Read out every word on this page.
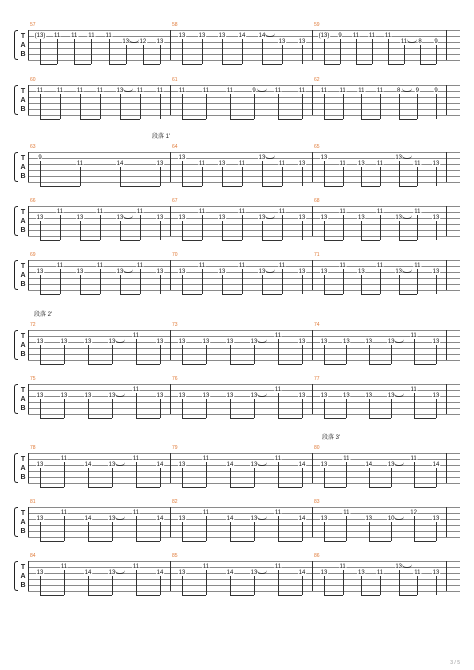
T
A
B
57
(13) 11 11 11 11
13 12 13
58
13 13 13 14 14
13 13
59
(13) 9 11 11 11
11 8 9
T
A
B
60
11 11 11 11 13 11 11
61
11	11	11	9	11	11
62
11 11 11 11 8	9	9
T
A
B
63
9
11	14	13
64
13
11 13 11
13
11 13
65
13
11 13 11
13
11 13
段落 1'
T
A
B
66
13
11
13
11
13
11
13
67
13
11
13
11
13
11
13
68
13
11
13
11
13
11
13
T
A
B
69
13
11
13
11
13
11
13
70
13
11
13
11
13
11
13
71
13
11
13
11
13
11
13
T
A
B
72
13	13	13	13
11
13
73
13	13	13	13
11
13
74
13	13	13	13
11
13
段落 2'
T
A
B
75
13	13	13	13
11
13
76
13	13	13	13
11
13
77
13	13	13	13
11
13
T
A
B
78
13
11
14	13
11
14
79
13
11
14	13
11
14
80
13
11
14	13
11
14
段落 3'
T
A
B
81
13
11
14	13
11
14
82
13
11
14	13
11
14
83
13
11
13	10
12
13
T
A
B
84
13
11
14	13
11
14
85
13
11
14	13
11
14
86
13
11
13 11
13
11 13
3 / 5
